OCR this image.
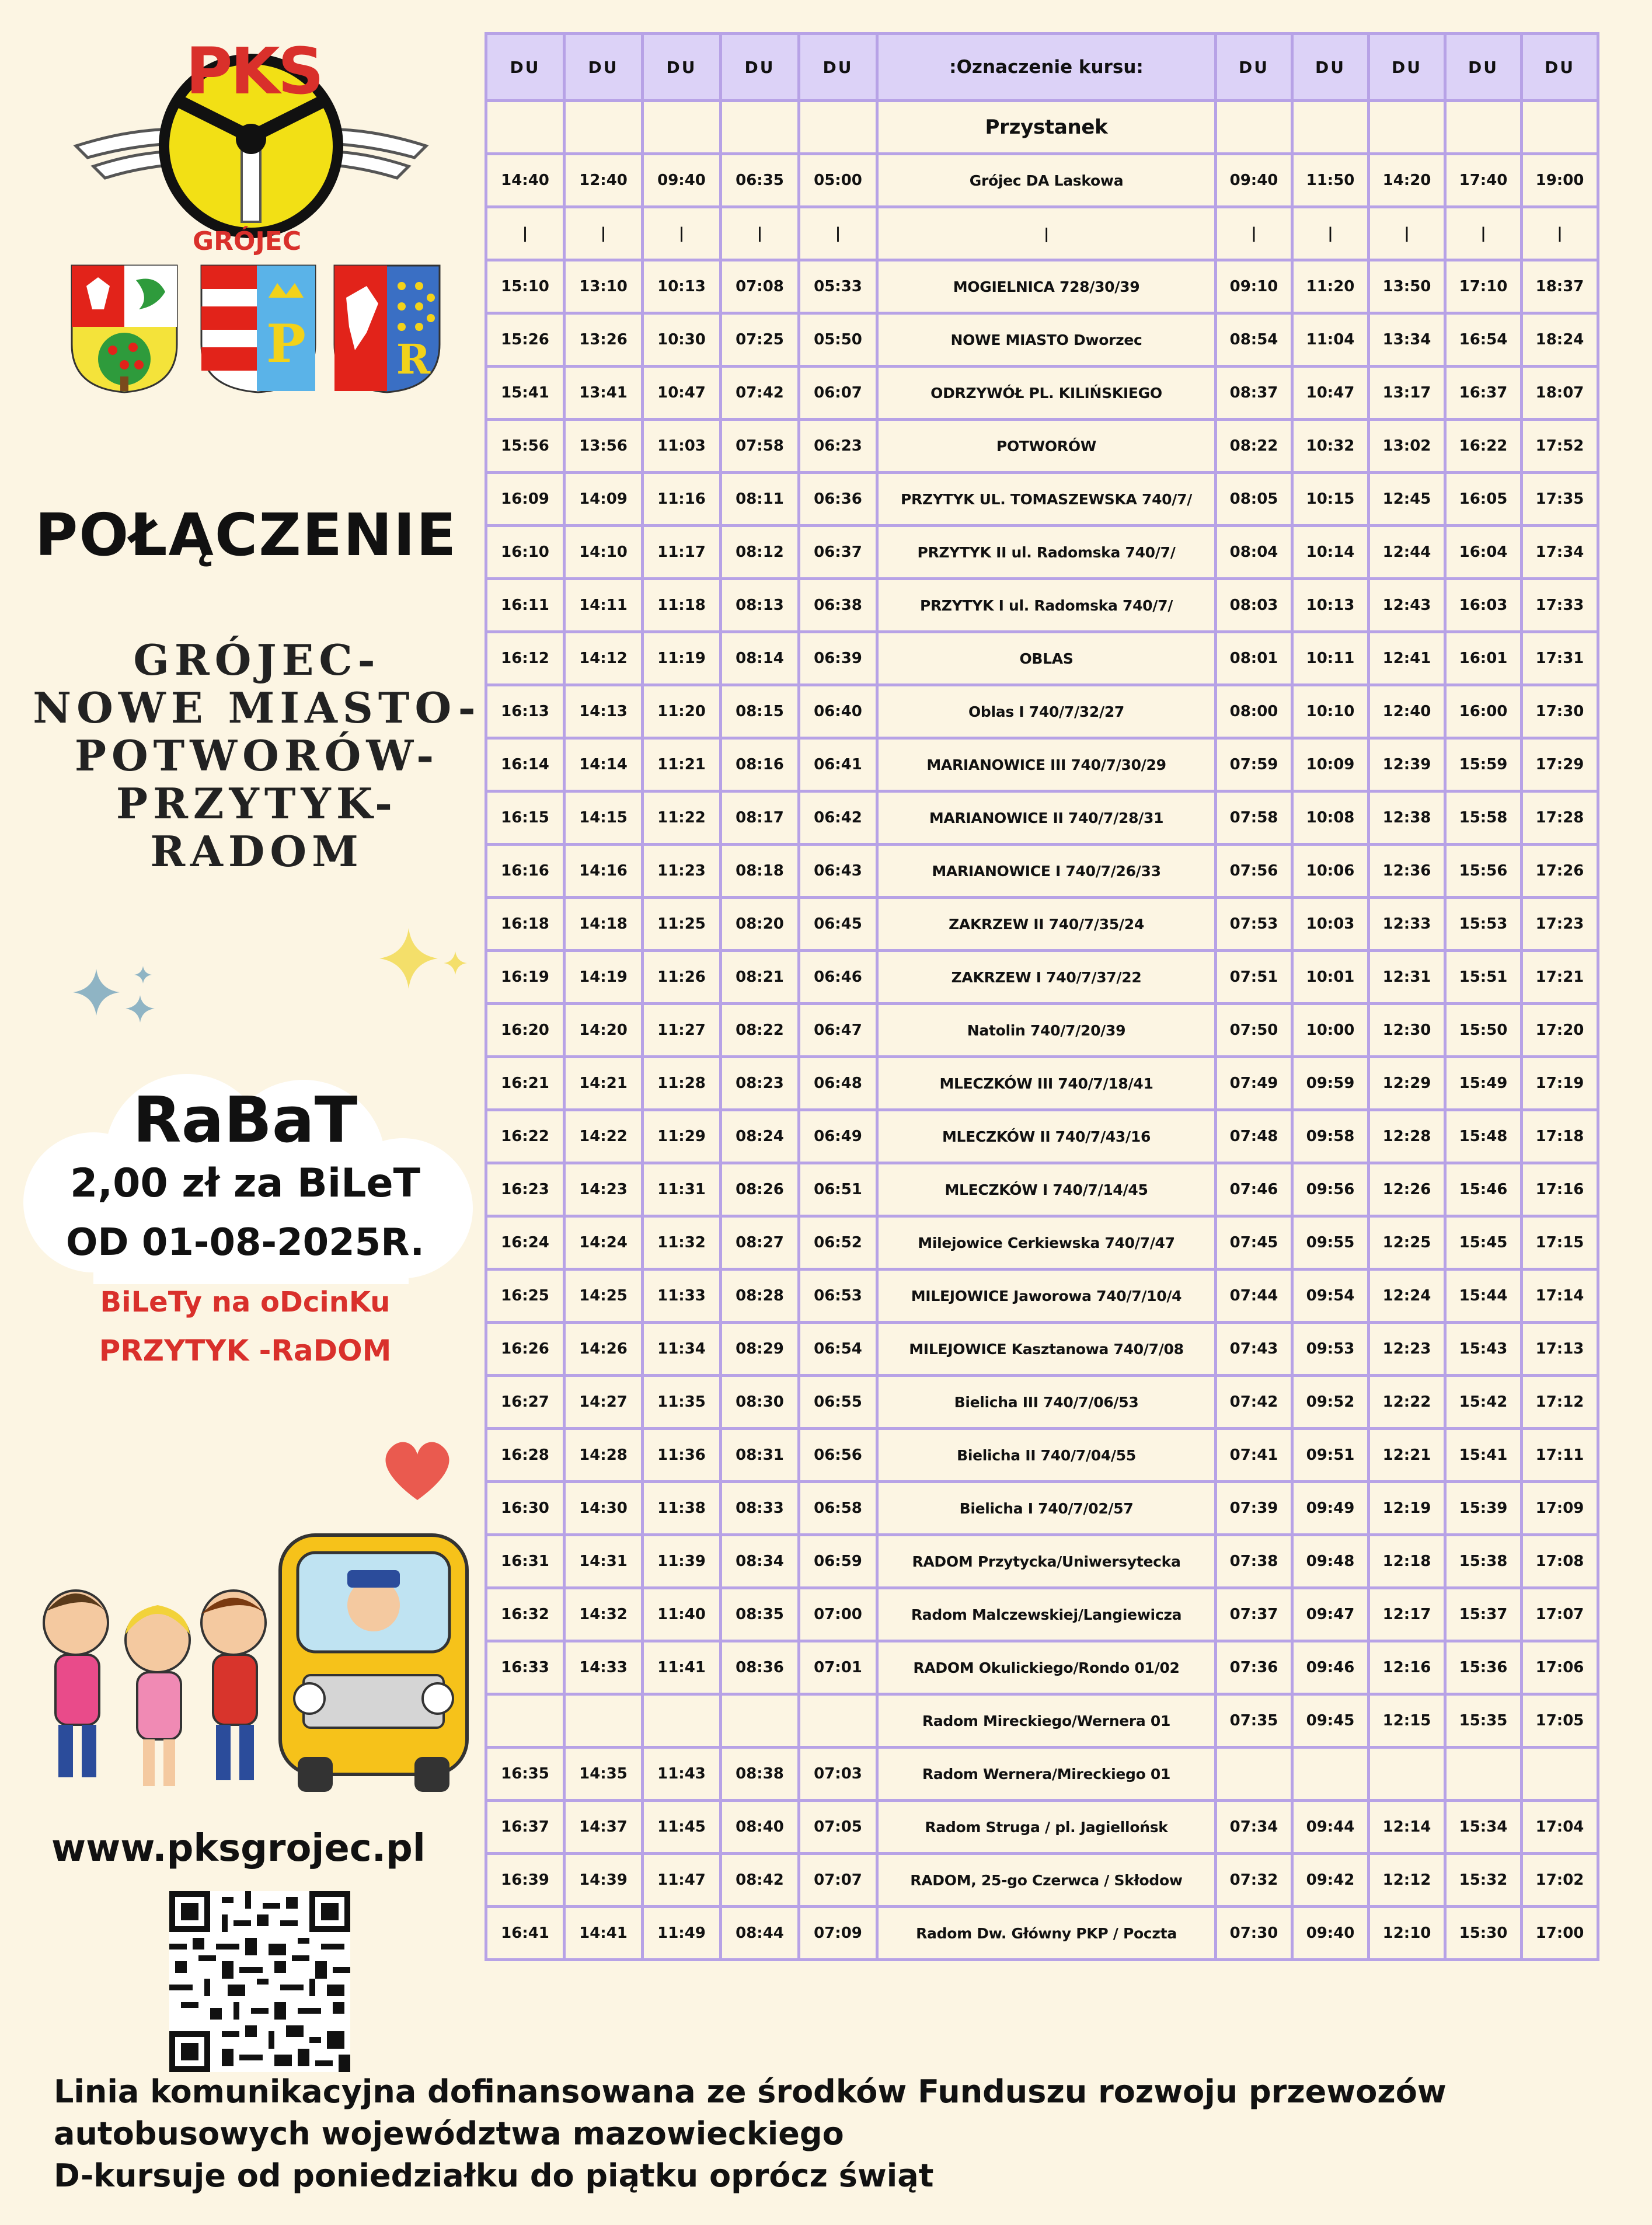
PKS
GRÓJEC
P R
POŁĄCZENIE
GRÓJEC-
NOWE MIASTO-
POTWORÓW-
PRZYTYK-
RADOM
RaBaT
2,00 zł za BiLeT
OD 01-08-2025R.
BiLeTy na oDcinKu
PRZYTYK -RaDOM
www.pksgrojec.pl
DU	DU	DU	DU	DU	:Oznaczenie kursu:	DU	DU	DU	DU	DU
					Przystanek					
14:40	12:40	09:40	06:35	05:00	Grójec DA Laskowa	09:40	11:50	14:20	17:40	19:00
|	|	|	|	|	|	|	|	|	|	|
15:10	13:10	10:13	07:08	05:33	MOGIELNICA 728/30/39	09:10	11:20	13:50	17:10	18:37
15:26	13:26	10:30	07:25	05:50	NOWE MIASTO Dworzec	08:54	11:04	13:34	16:54	18:24
15:41	13:41	10:47	07:42	06:07	ODRZYWÓŁ PL. KILIŃSKIEGO	08:37	10:47	13:17	16:37	18:07
15:56	13:56	11:03	07:58	06:23	POTWORÓW	08:22	10:32	13:02	16:22	17:52
16:09	14:09	11:16	08:11	06:36	PRZYTYK UL. TOMASZEWSKA 740/7/	08:05	10:15	12:45	16:05	17:35
16:10	14:10	11:17	08:12	06:37	PRZYTYK II ul. Radomska 740/7/	08:04	10:14	12:44	16:04	17:34
16:11	14:11	11:18	08:13	06:38	PRZYTYK I ul. Radomska 740/7/	08:03	10:13	12:43	16:03	17:33
16:12	14:12	11:19	08:14	06:39	OBLAS	08:01	10:11	12:41	16:01	17:31
16:13	14:13	11:20	08:15	06:40	Oblas I 740/7/32/27	08:00	10:10	12:40	16:00	17:30
16:14	14:14	11:21	08:16	06:41	MARIANOWICE III 740/7/30/29	07:59	10:09	12:39	15:59	17:29
16:15	14:15	11:22	08:17	06:42	MARIANOWICE II 740/7/28/31	07:58	10:08	12:38	15:58	17:28
16:16	14:16	11:23	08:18	06:43	MARIANOWICE I 740/7/26/33	07:56	10:06	12:36	15:56	17:26
16:18	14:18	11:25	08:20	06:45	ZAKRZEW II 740/7/35/24	07:53	10:03	12:33	15:53	17:23
16:19	14:19	11:26	08:21	06:46	ZAKRZEW I 740/7/37/22	07:51	10:01	12:31	15:51	17:21
16:20	14:20	11:27	08:22	06:47	Natolin 740/7/20/39	07:50	10:00	12:30	15:50	17:20
16:21	14:21	11:28	08:23	06:48	MLECZKÓW III 740/7/18/41	07:49	09:59	12:29	15:49	17:19
16:22	14:22	11:29	08:24	06:49	MLECZKÓW II 740/7/43/16	07:48	09:58	12:28	15:48	17:18
16:23	14:23	11:31	08:26	06:51	MLECZKÓW I 740/7/14/45	07:46	09:56	12:26	15:46	17:16
16:24	14:24	11:32	08:27	06:52	Milejowice Cerkiewska 740/7/47	07:45	09:55	12:25	15:45	17:15
16:25	14:25	11:33	08:28	06:53	MILEJOWICE Jaworowa 740/7/10/4	07:44	09:54	12:24	15:44	17:14
16:26	14:26	11:34	08:29	06:54	MILEJOWICE Kasztanowa 740/7/08	07:43	09:53	12:23	15:43	17:13
16:27	14:27	11:35	08:30	06:55	Bielicha III 740/7/06/53	07:42	09:52	12:22	15:42	17:12
16:28	14:28	11:36	08:31	06:56	Bielicha II 740/7/04/55	07:41	09:51	12:21	15:41	17:11
16:30	14:30	11:38	08:33	06:58	Bielicha I 740/7/02/57	07:39	09:49	12:19	15:39	17:09
16:31	14:31	11:39	08:34	06:59	RADOM Przytycka/Uniwersytecka	07:38	09:48	12:18	15:38	17:08
16:32	14:32	11:40	08:35	07:00	Radom Malczewskiej/Langiewicza	07:37	09:47	12:17	15:37	17:07
16:33	14:33	11:41	08:36	07:01	RADOM Okulickiego/Rondo 01/02	07:36	09:46	12:16	15:36	17:06
					Radom Mireckiego/Wernera 01	07:35	09:45	12:15	15:35	17:05
16:35	14:35	11:43	08:38	07:03	Radom Wernera/Mireckiego 01					
16:37	14:37	11:45	08:40	07:05	Radom Struga / pl. Jagiellońsk	07:34	09:44	12:14	15:34	17:04
16:39	14:39	11:47	08:42	07:07	RADOM, 25-go Czerwca / Skłodow	07:32	09:42	12:12	15:32	17:02
16:41	14:41	11:49	08:44	07:09	Radom Dw. Główny PKP / Poczta	07:30	09:40	12:10	15:30	17:00
Linia komunikacyjna dofinansowana ze środków Funduszu rozwoju przewozów
autobusowych województwa mazowieckiego
D-kursuje od poniedziałku do piątku oprócz świąt
